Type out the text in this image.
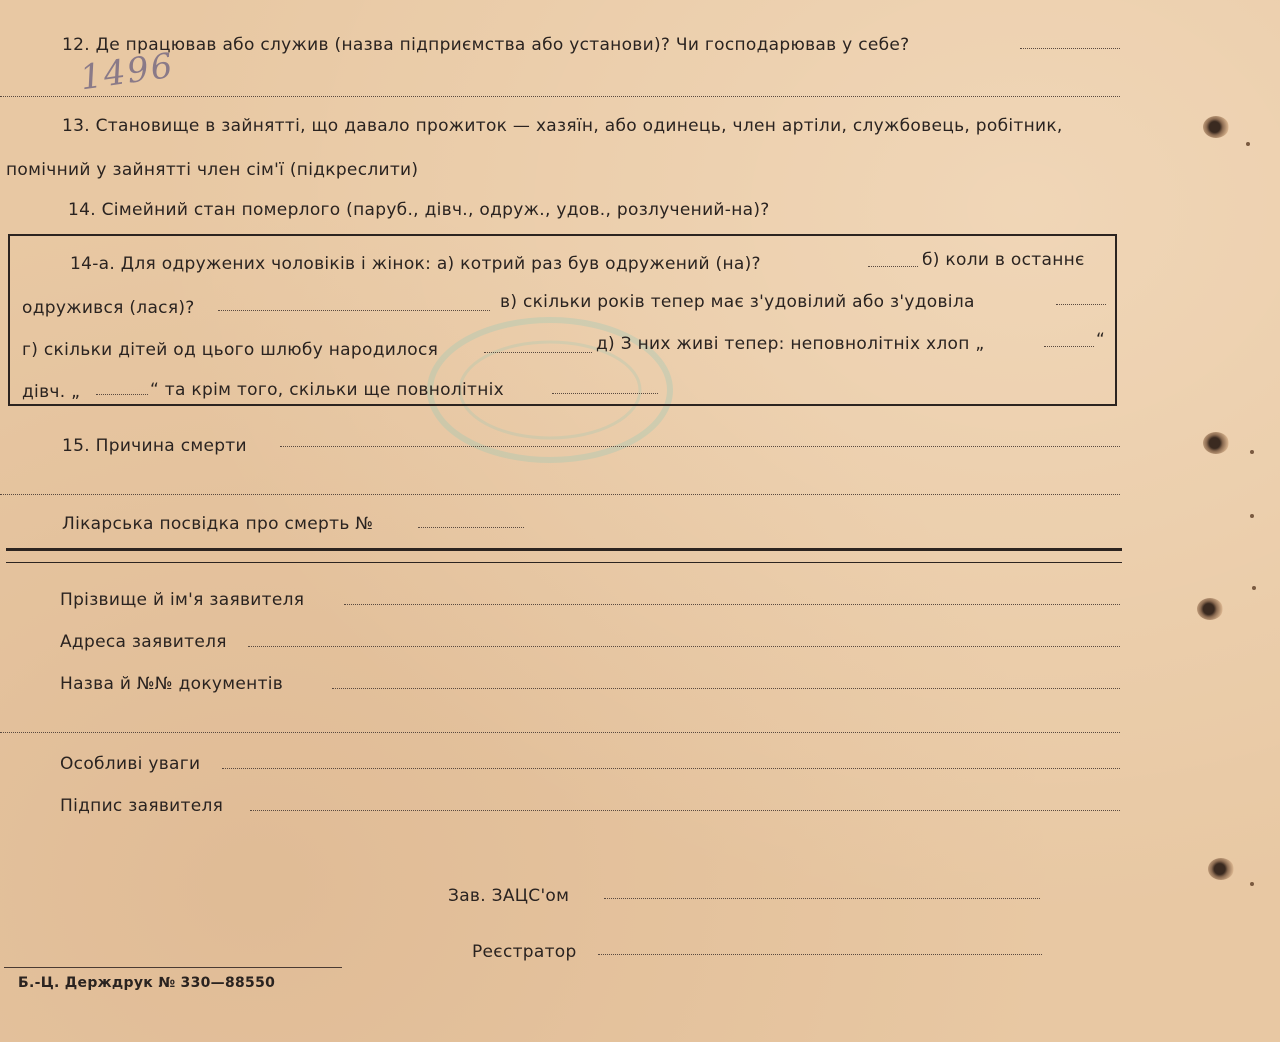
1496
12. Де працював або служив (назва підприємства або установи)? Чи господарював у себе?
13. Становище в зайнятті, що давало прожиток — хазяїн, або одинець, член артіли, службовець, робітник,
помічний у зайнятті член сім'ї (підкреслити)
14. Сімейний стан померлого (паруб., дівч., одруж., удов., розлучений-на)?
14-а. Для одружених чоловіків і жінок: а) котрий раз був одружений (на)?	б) коли в останнє
одружився (лася)?	в) скільки років тепер має з'удовілий або з'удовіла
г) скільки дітей од цього шлюбу народилося	д) З них живі тепер: неповнолітніх хлоп „	“
дівч. „	“ та крім того, скільки ще повнолітніх
15. Причина смерти
Лікарська посвідка про смерть №
Прізвище й ім'я заявителя
Адреса заявителя
Назва й №№ документів
Особливі уваги
Підпис заявителя
Зав. ЗАЦС'ом
Реєстратор
Б.-Ц. Держдрук № 330—88550
